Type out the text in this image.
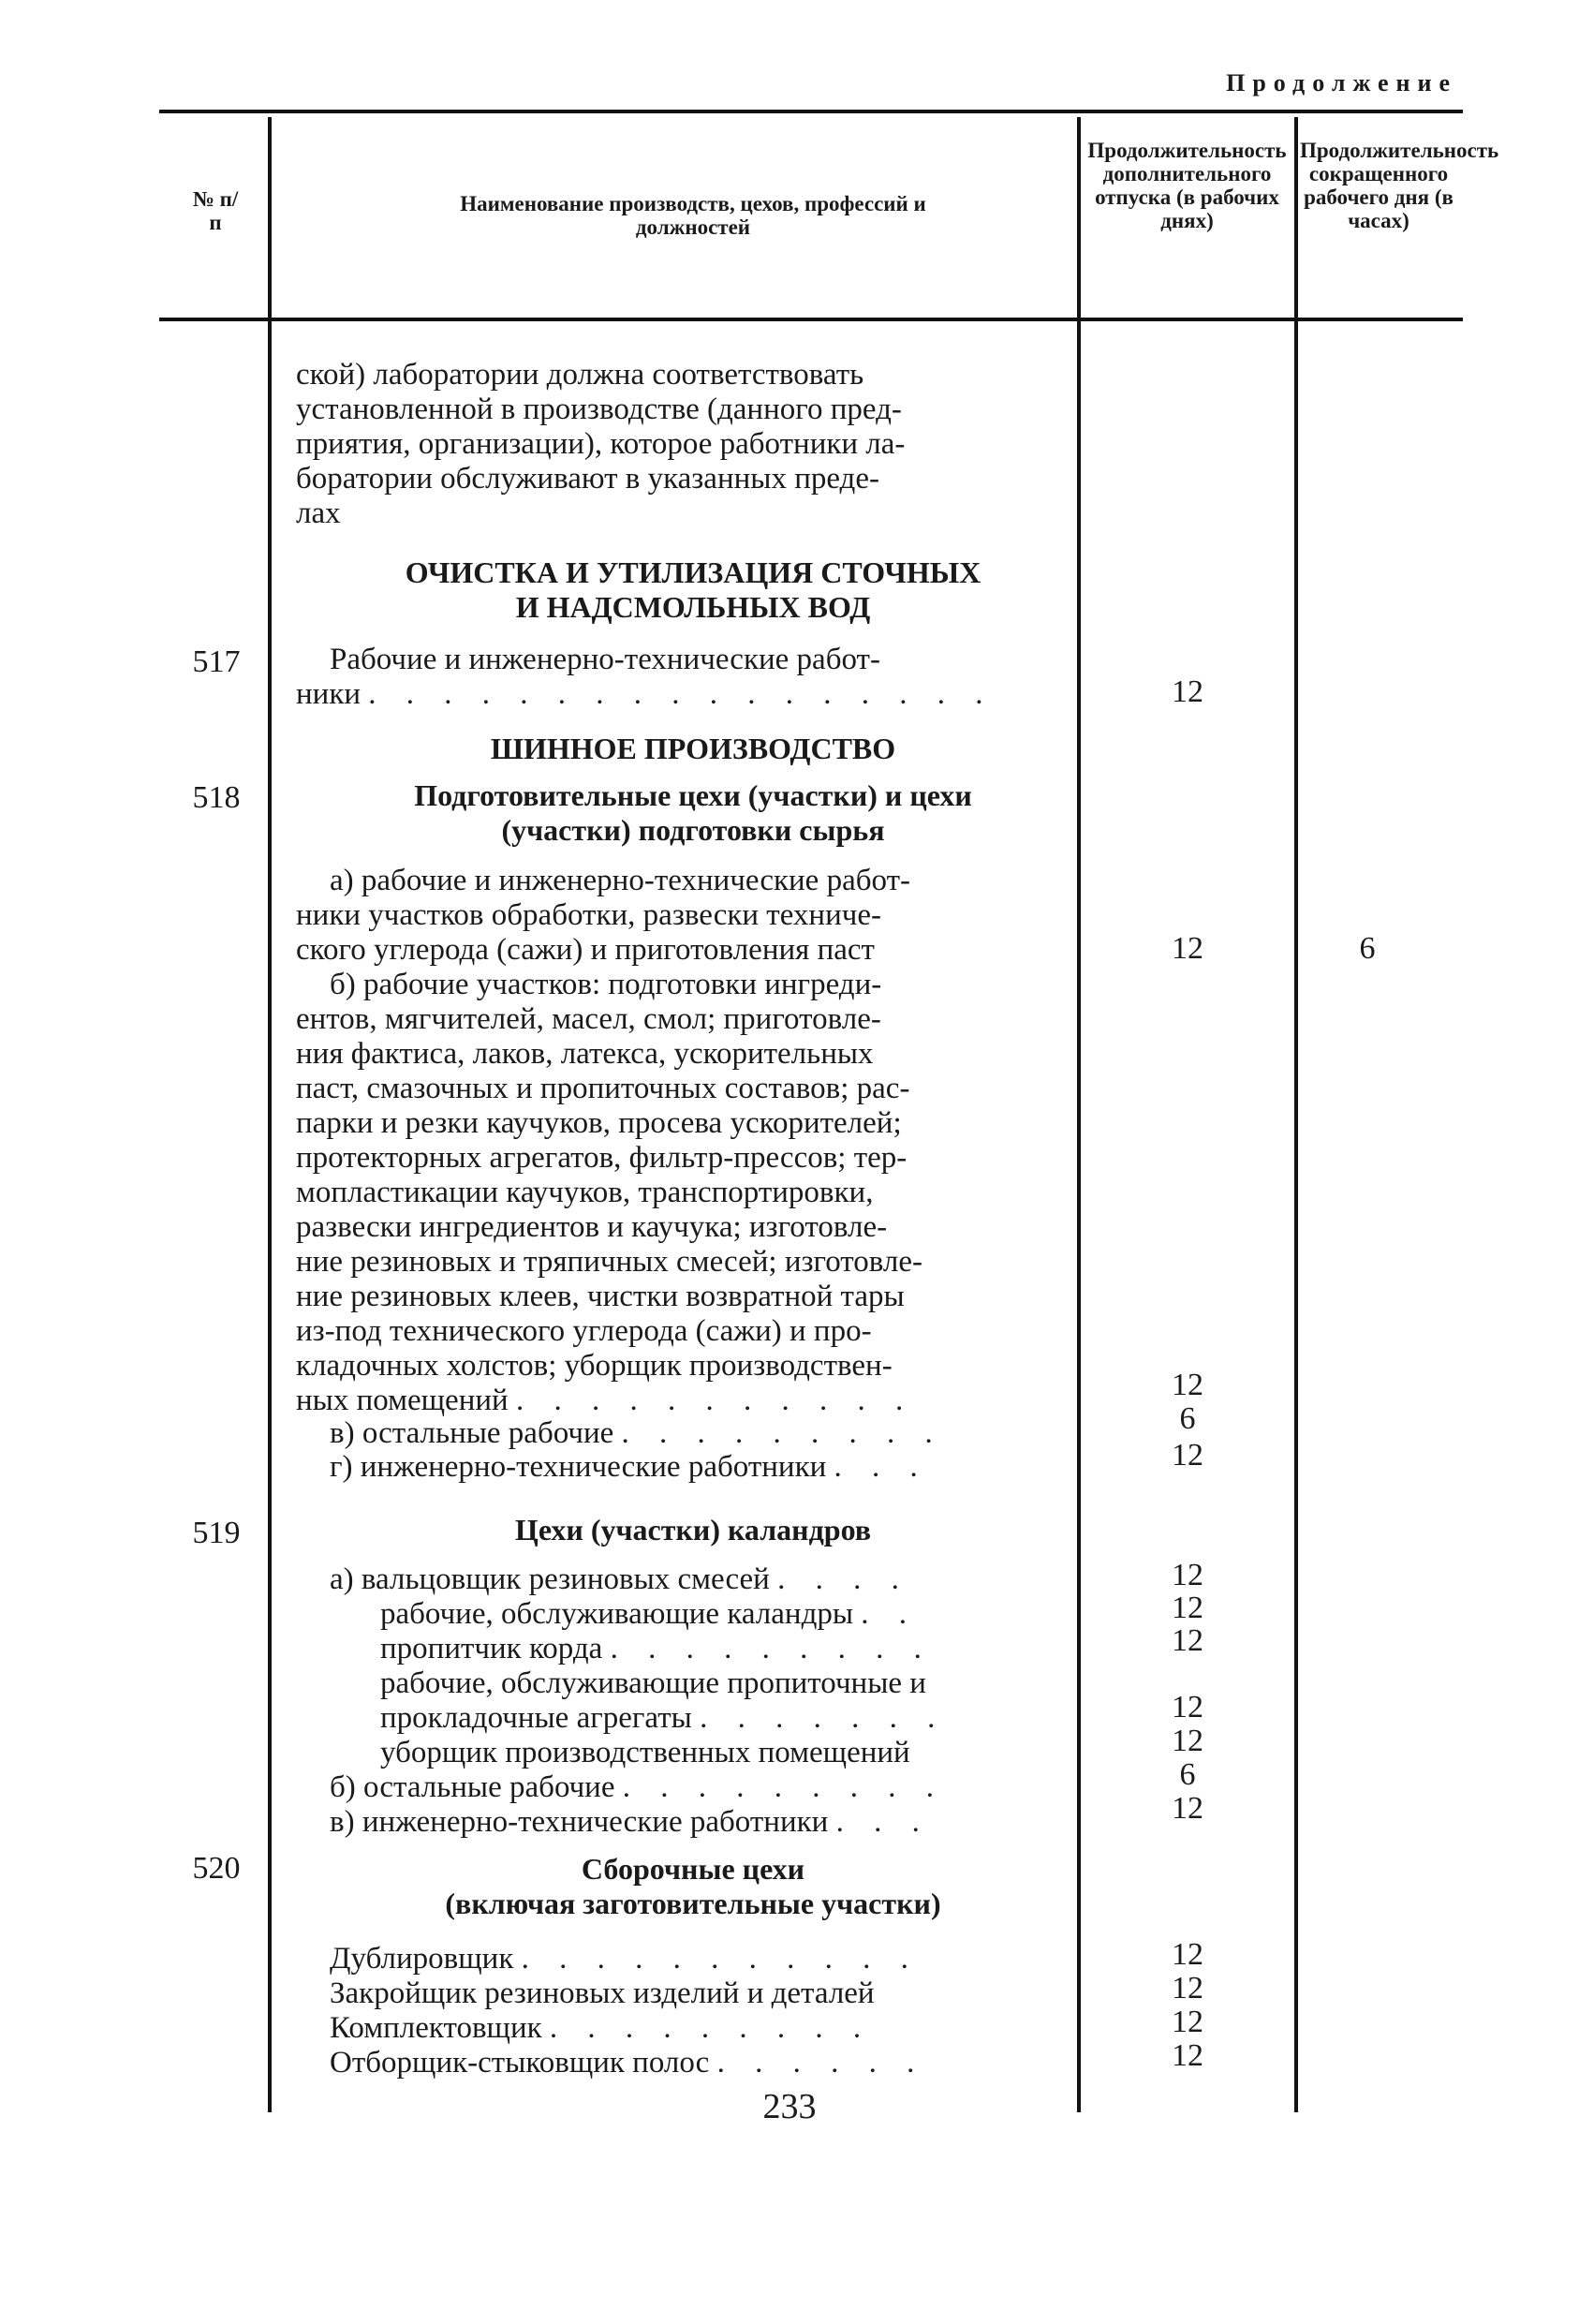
Продолжение
№ п/п
Наименование производств, цехов, профессий и должностей
Продолжительность дополнительного отпуска (в рабочих днях)
Продолжительность сокращенного рабочего дня (в часах)
ской) лаборатории должна соответствовать
установленной в производстве (данного пред-
приятия, организации), которое работники ла-
боратории обслуживают в указанных преде-
лах
ОЧИСТКА И УТИЛИЗАЦИЯ СТОЧНЫХ
И НАДСМОЛЬНЫХ ВОД
517	Рабочие и инженерно-технические работ-
ники . . . . . . . . . . . . . . . . .	12
ШИННОЕ ПРОИЗВОДСТВО
518	Подготовительные цехи (участки) и цехи
(участки) подготовки сырья
а) рабочие и инженерно-технические работ-
ники участков обработки, развески техниче-
ского углерода (сажи) и приготовления паст	12	6
б) рабочие участков: подготовки ингреди-
ентов, мягчителей, масел, смол; приготовле-
ния фактиса, лаков, латекса, ускорительных
паст, смазочных и пропиточных составов; рас-
парки и резки каучуков, просева ускорителей;
протекторных агрегатов, фильтр-прессов; тер-
мопластикации каучуков, транспортировки,
развески ингредиентов и каучука; изготовле-
ние резиновых и тряпичных смесей; изготовле-
ние резиновых клеев, чистки возвратной тары
из-под технического углерода (сажи) и про-
кладочных холстов; уборщик производствен-
ных помещений . . . . . . . . . . .	12
в) остальные рабочие . . . . . . . . .	6
г) инженерно-технические работники . . .	12
519	Цехи (участки) каландров
а) вальцовщик резиновых смесей . . . .	12
рабочие, обслуживающие каландры . .	12
пропитчик корда . . . . . . . . .	12
рабочие, обслуживающие пропиточные и
прокладочные агрегаты . . . . . . .	12
уборщик производственных помещений	12
б) остальные рабочие . . . . . . . . .	6
в) инженерно-технические работники . . .	12
520	Сборочные цехи
(включая заготовительные участки)
Дублировщик . . . . . . . . . . .	12
Закройщик резиновых изделий и деталей	12
Комплектовщик . . . . . . . . .	12
Отборщик-стыковщик полос . . . . . .	12
233
